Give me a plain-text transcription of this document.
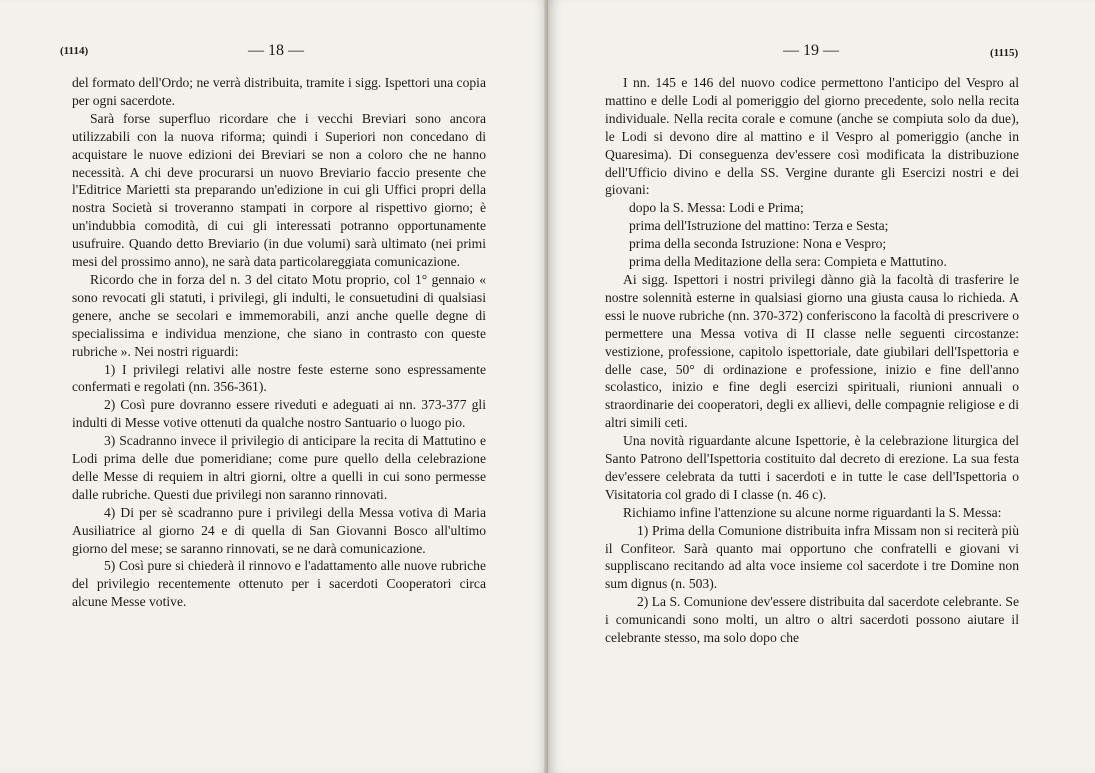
(1114)	— 18 —

del formato dell'Ordo; ne verrà distribuita, tramite i sigg. Ispettori una copia per ogni sacerdote.

Sarà forse superfluo ricordare che i vecchi Breviari sono ancora utilizzabili con la nuova riforma; quindi i Superiori non concedano di acquistare le nuove edizioni dei Breviari se non a coloro che ne hanno necessità. A chi deve procurarsi un nuovo Breviario faccio presente che l'Editrice Marietti sta preparando un'edizione in cui gli Uffici propri della nostra Società si troveranno stampati in corpore al rispettivo giorno; è un'indubbia comodità, di cui gli interessati potranno opportunamente usufruire. Quando detto Breviario (in due volumi) sarà ultimato (nei primi mesi del prossimo anno), ne sarà data particolareggiata comunicazione.

Ricordo che in forza del n. 3 del citato Motu proprio, col 1° gennaio « sono revocati gli statuti, i privilegi, gli indulti, le consuetudini di qualsiasi genere, anche se secolari e immemorabili, anzi anche quelle degne di specialissima e individua menzione, che siano in contrasto con queste rubriche ». Nei nostri riguardi:

1) I privilegi relativi alle nostre feste esterne sono espressamente confermati e regolati (nn. 356-361).

2) Così pure dovranno essere riveduti e adeguati ai nn. 373-377 gli indulti di Messe votive ottenuti da qualche nostro Santuario o luogo pio.

3) Scadranno invece il privilegio di anticipare la recita di Mattutino e Lodi prima delle due pomeridiane; come pure quello della celebrazione delle Messe di requiem in altri giorni, oltre a quelli in cui sono permesse dalle rubriche. Questi due privilegi non saranno rinnovati.

4) Di per sè scadranno pure i privilegi della Messa votiva di Maria Ausiliatrice al giorno 24 e di quella di San Giovanni Bosco all'ultimo giorno del mese; se saranno rinnovati, se ne darà comunicazione.

5) Così pure si chiederà il rinnovo e l'adattamento alle nuove rubriche del privilegio recentemente ottenuto per i sacerdoti Cooperatori circa alcune Messe votive.

— 19 —	(1115)

I nn. 145 e 146 del nuovo codice permettono l'anticipo del Vespro al mattino e delle Lodi al pomeriggio del giorno precedente, solo nella recita individuale. Nella recita corale e comune (anche se compiuta solo da due), le Lodi si devono dire al mattino e il Vespro al pomeriggio (anche in Quaresima). Di conseguenza dev'essere così modificata la distribuzione dell'Ufficio divino e della SS. Vergine durante gli Esercizi nostri e dei giovani:

dopo la S. Messa: Lodi e Prima;

prima dell'Istruzione del mattino: Terza e Sesta;

prima della seconda Istruzione: Nona e Vespro;

prima della Meditazione della sera: Compieta e Mattutino.

Ai sigg. Ispettori i nostri privilegi dànno già la facoltà di trasferire le nostre solennità esterne in qualsiasi giorno una giusta causa lo richieda. A essi le nuove rubriche (nn. 370-372) conferiscono la facoltà di prescrivere o permettere una Messa votiva di II classe nelle seguenti circostanze: vestizione, professione, capitolo ispettoriale, date giubilari dell'Ispettoria e delle case, 50° di ordinazione e professione, inizio e fine dell'anno scolastico, inizio e fine degli esercizi spirituali, riunioni annuali o straordinarie dei cooperatori, degli ex allievi, delle compagnie religiose e di altri simili ceti.

Una novità riguardante alcune Ispettorie, è la celebrazione liturgica del Santo Patrono dell'Ispettoria costituito dal decreto di erezione. La sua festa dev'essere celebrata da tutti i sacerdoti e in tutte le case dell'Ispettoria o Visitatoria col grado di I classe (n. 46 c).

Richiamo infine l'attenzione su alcune norme riguardanti la S. Messa:

1) Prima della Comunione distribuita infra Missam non si reciterà più il Confiteor. Sarà quanto mai opportuno che confratelli e giovani vi suppliscano recitando ad alta voce insieme col sacerdote i tre Domine non sum dignus (n. 503).

2) La S. Comunione dev'essere distribuita dal sacerdote celebrante. Se i comunicandi sono molti, un altro o altri sacerdoti possono aiutare il celebrante stesso, ma solo dopo che
